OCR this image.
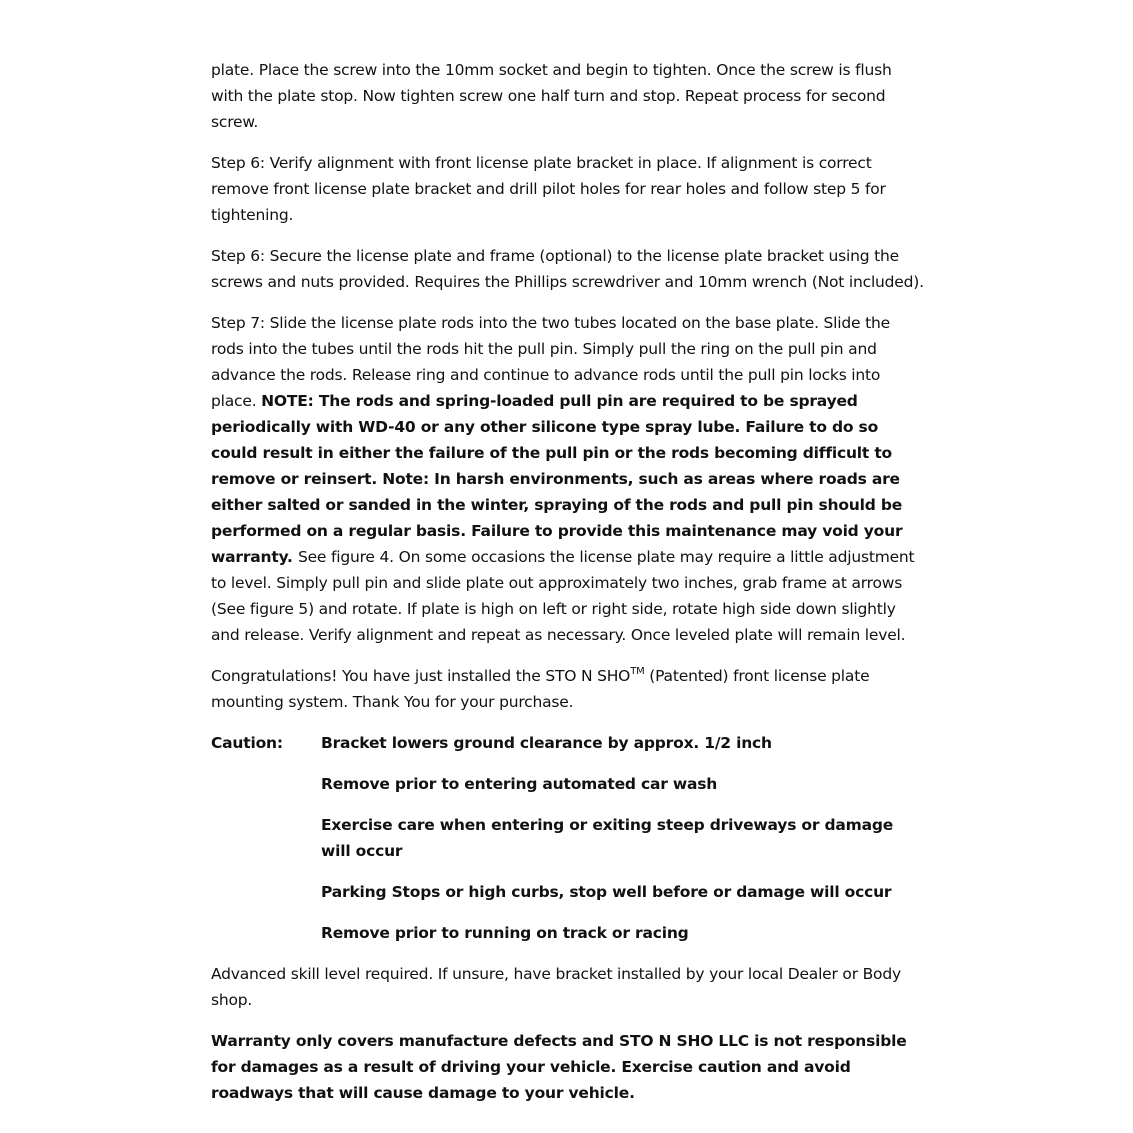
plate. Place the screw into the 10mm socket and begin to tighten. Once the screw is flush with the plate stop. Now tighten screw one half turn and stop. Repeat process for second screw.

Step 6: Verify alignment with front license plate bracket in place. If alignment is correct remove front license plate bracket and drill pilot holes for rear holes and follow step 5 for tightening.

Step 6: Secure the license plate and frame (optional) to the license plate bracket using the screws and nuts provided. Requires the Phillips screwdriver and 10mm wrench (Not included).

Step 7: Slide the license plate rods into the two tubes located on the base plate. Slide the rods into the tubes until the rods hit the pull pin. Simply pull the ring on the pull pin and advance the rods. Release ring and continue to advance rods until the pull pin locks into place. NOTE: The rods and spring-loaded pull pin are required to be sprayed periodically with WD-40 or any other silicone type spray lube. Failure to do so could result in either the failure of the pull pin or the rods becoming difficult to remove or reinsert. Note: In harsh environments, such as areas where roads are either salted or sanded in the winter, spraying of the rods and pull pin should be performed on a regular basis. Failure to provide this maintenance may void your warranty. See figure 4. On some occasions the license plate may require a little adjustment to level. Simply pull pin and slide plate out approximately two inches, grab frame at arrows (See figure 5) and rotate. If plate is high on left or right side, rotate high side down slightly and release. Verify alignment and repeat as necessary. Once leveled plate will remain level.

Congratulations! You have just installed the STO N SHO™ (Patented) front license plate mounting system. Thank You for your purchase.

Caution:	Bracket lowers ground clearance by approx. 1/2 inch
Remove prior to entering automated car wash
Exercise care when entering or exiting steep driveways or damage will occur
Parking Stops or high curbs, stop well before or damage will occur
Remove prior to running on track or racing

Advanced skill level required. If unsure, have bracket installed by your local Dealer or Body shop.

Warranty only covers manufacture defects and STO N SHO LLC is not responsible for damages as a result of driving your vehicle. Exercise caution and avoid roadways that will cause damage to your vehicle.
